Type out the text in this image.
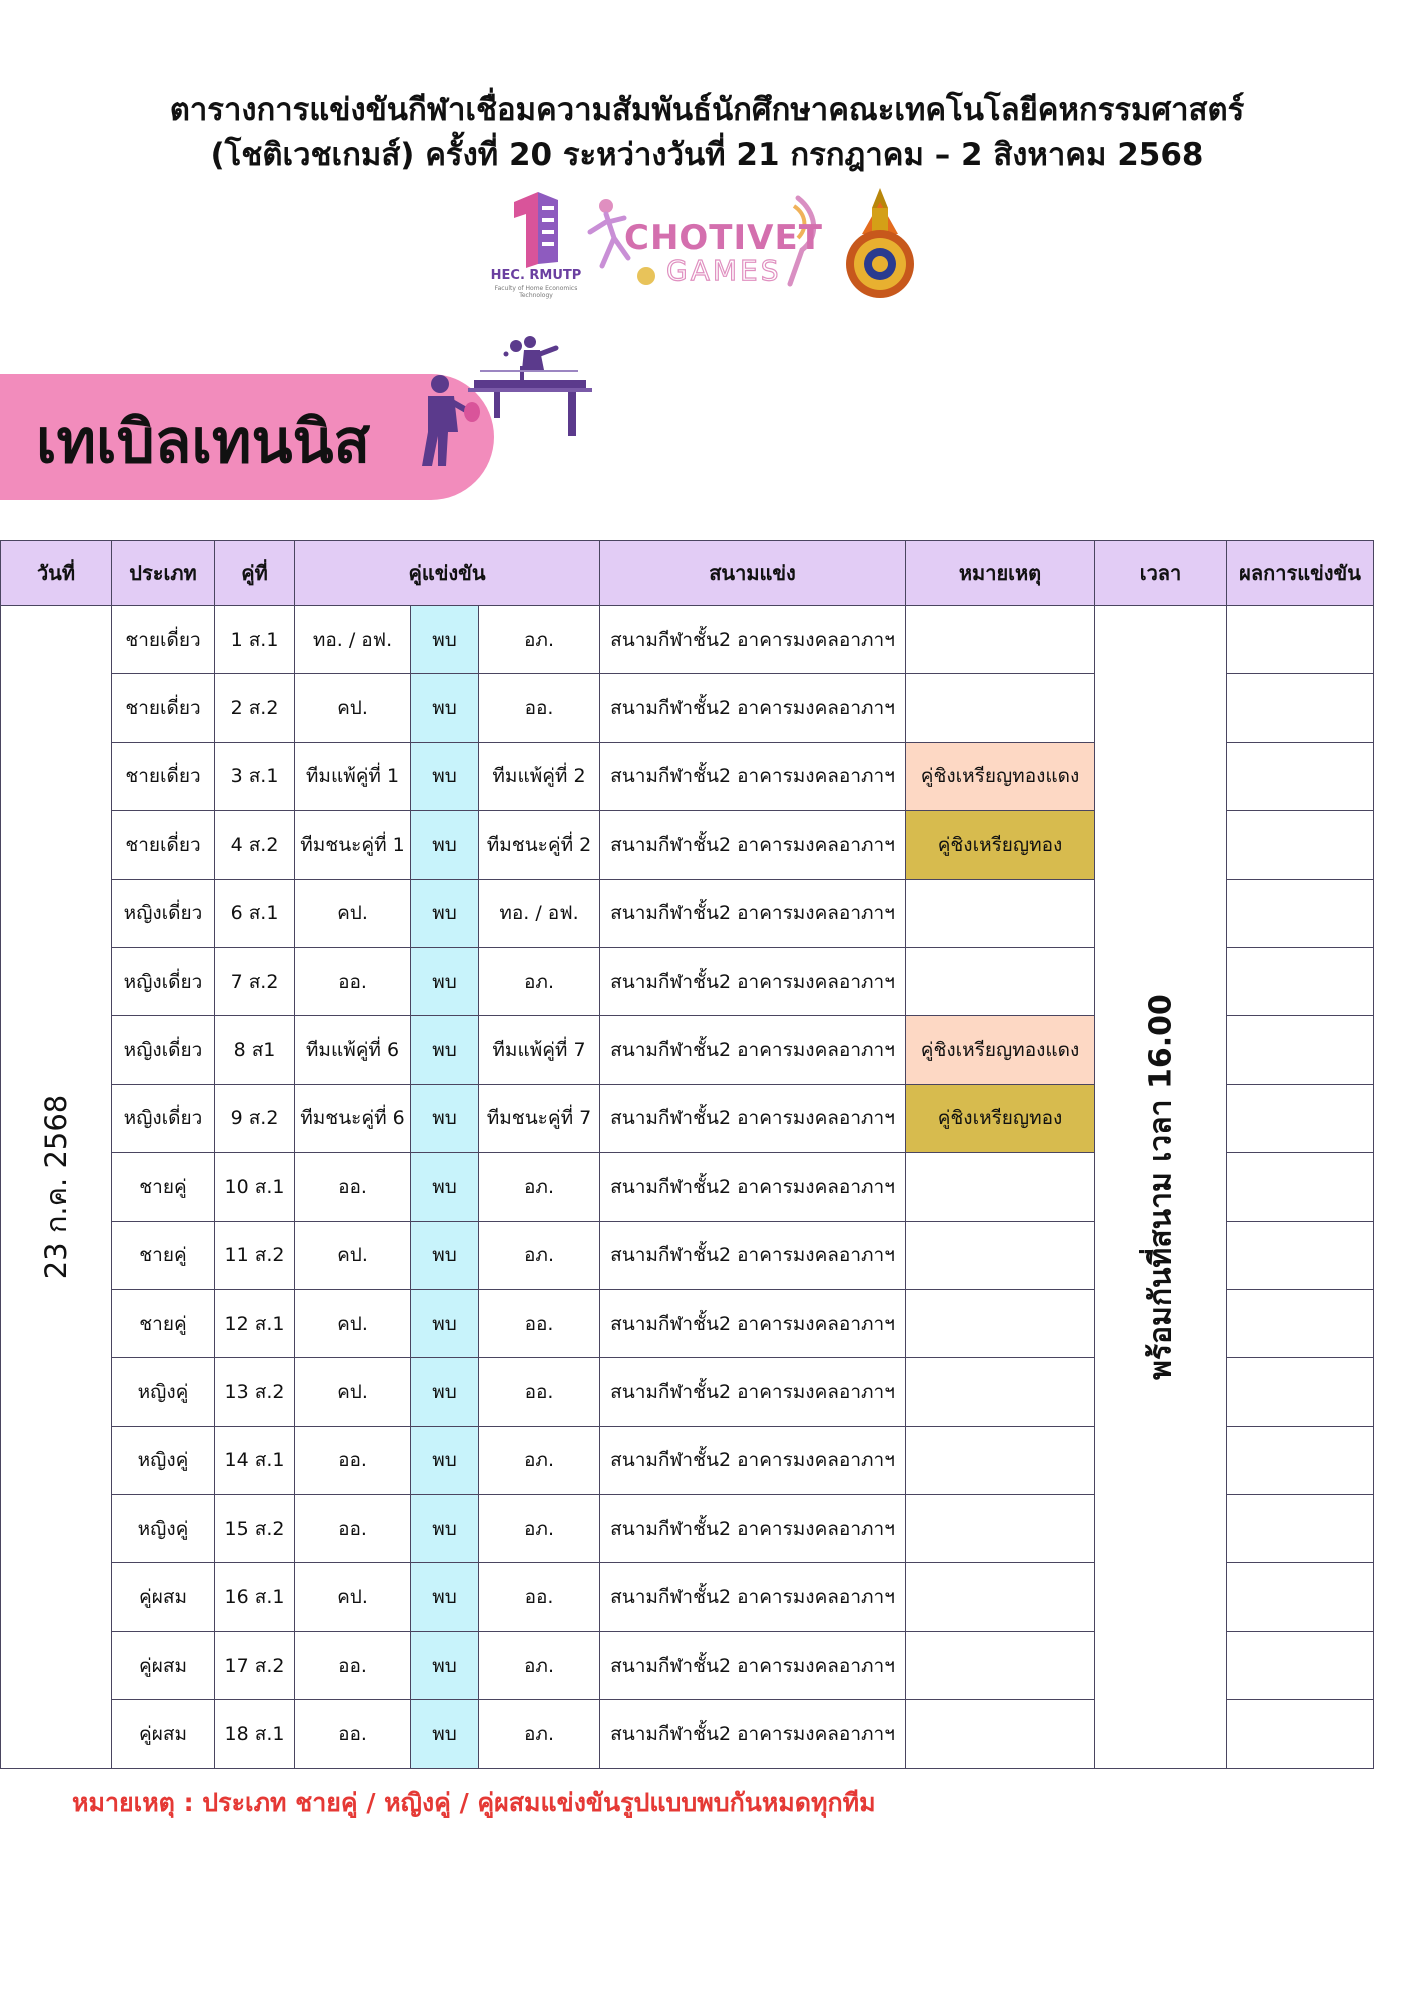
ตารางการแข่งขันกีฬาเชื่อมความสัมพันธ์นักศึกษาคณะเทคโนโลยีคหกรรมศาสตร์
(โชติเวชเกมส์) ครั้งที่ 20 ระหว่างวันที่ 21 กรกฎาคม – 2 สิงหาคม 2568
HEC. RMUTP
Faculty of Home Economics Technology
CHOTIVET
GAMES
เทเบิลเทนนิส
วันที่	ประเภท	คู่ที่	คู่แข่งขัน			สนามแข่ง	หมายเหตุ	เวลา	ผลการแข่งขัน

23 ก.ค. 2568	ชายเดี่ยว	1 ส.1	ทอ. / อฟ.	พบ	อภ.	สนามกีฬาชั้น2 อาคารมงคลอาภาฯ		พร้อมกันที่สนาม เวลา 16.00	

	ชายเดี่ยว	2 ส.2	คป.	พบ	ออ.	สนามกีฬาชั้น2 อาคารมงคลอาภาฯ			
	ชายเดี่ยว	3 ส.1	ทีมแพ้คู่ที่ 1	พบ	ทีมแพ้คู่ที่ 2	สนามกีฬาชั้น2 อาคารมงคลอาภาฯ	คู่ชิงเหรียญทองแดง		
	ชายเดี่ยว	4 ส.2	ทีมชนะคู่ที่ 1	พบ	ทีมชนะคู่ที่ 2	สนามกีฬาชั้น2 อาคารมงคลอาภาฯ	คู่ชิงเหรียญทอง		
	หญิงเดี่ยว	6 ส.1	คป.	พบ	ทอ. / อฟ.	สนามกีฬาชั้น2 อาคารมงคลอาภาฯ			
	หญิงเดี่ยว	7 ส.2	ออ.	พบ	อภ.	สนามกีฬาชั้น2 อาคารมงคลอาภาฯ			
	หญิงเดี่ยว	8 ส1	ทีมแพ้คู่ที่ 6	พบ	ทีมแพ้คู่ที่ 7	สนามกีฬาชั้น2 อาคารมงคลอาภาฯ	คู่ชิงเหรียญทองแดง		
	หญิงเดี่ยว	9 ส.2	ทีมชนะคู่ที่ 6	พบ	ทีมชนะคู่ที่ 7	สนามกีฬาชั้น2 อาคารมงคลอาภาฯ	คู่ชิงเหรียญทอง		
	ชายคู่	10 ส.1	ออ.	พบ	อภ.	สนามกีฬาชั้น2 อาคารมงคลอาภาฯ			
	ชายคู่	11 ส.2	คป.	พบ	อภ.	สนามกีฬาชั้น2 อาคารมงคลอาภาฯ			
	ชายคู่	12 ส.1	คป.	พบ	ออ.	สนามกีฬาชั้น2 อาคารมงคลอาภาฯ			
	หญิงคู่	13 ส.2	คป.	พบ	ออ.	สนามกีฬาชั้น2 อาคารมงคลอาภาฯ			
	หญิงคู่	14 ส.1	ออ.	พบ	อภ.	สนามกีฬาชั้น2 อาคารมงคลอาภาฯ			
	หญิงคู่	15 ส.2	ออ.	พบ	อภ.	สนามกีฬาชั้น2 อาคารมงคลอาภาฯ			
	คู่ผสม	16 ส.1	คป.	พบ	ออ.	สนามกีฬาชั้น2 อาคารมงคลอาภาฯ			
	คู่ผสม	17 ส.2	ออ.	พบ	อภ.	สนามกีฬาชั้น2 อาคารมงคลอาภาฯ			
	คู่ผสม	18 ส.1	ออ.	พบ	อภ.	สนามกีฬาชั้น2 อาคารมงคลอาภาฯ			
หมายเหตุ : ประเภท ชายคู่ / หญิงคู่ / คู่ผสมแข่งขันรูปแบบพบกันหมดทุกทีม
